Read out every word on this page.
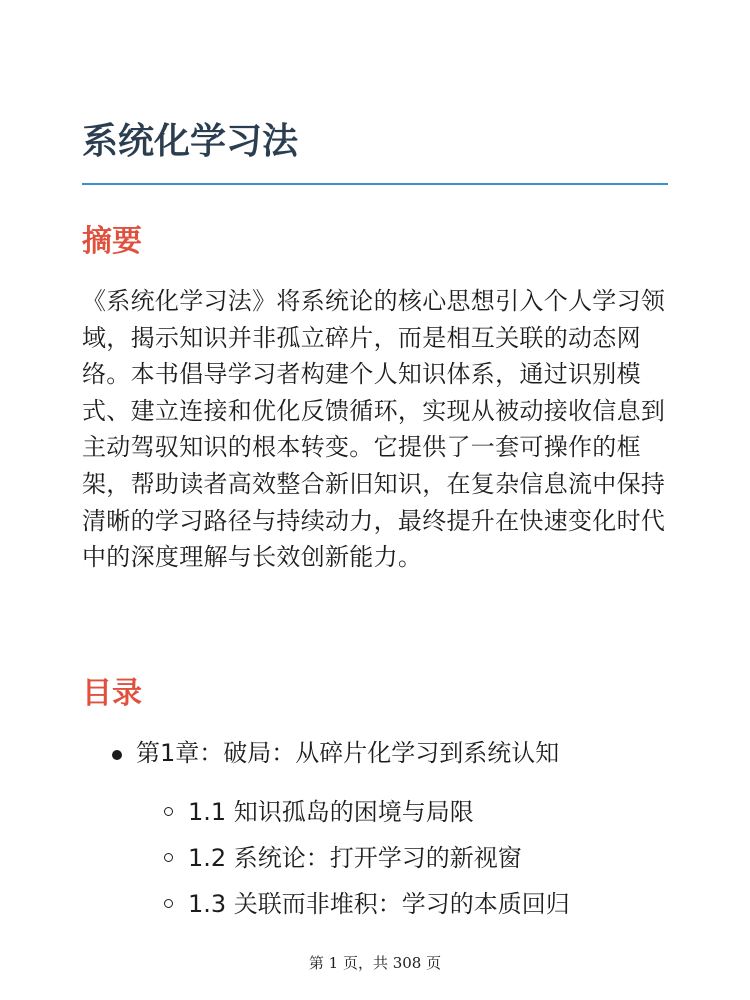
系统化学习法
摘要

《系统化学习法》将系统论的核心思想引入个人学习领域，揭示知识并非孤立碎片，而是相互关联的动态网络。本书倡导学习者构建个人知识体系，通过识别模式、建立连接和优化反馈循环，实现从被动接收信息到主动驾驭知识的根本转变。它提供了一套可操作的框架，帮助读者高效整合新旧知识，在复杂信息流中保持清晰的学习路径与持续动力，最终提升在快速变化时代中的深度理解与长效创新能力。

目录
第1章：破局：从碎片化学习到系统认知
1.1 知识孤岛的困境与局限
1.2 系统论：打开学习的新视窗
1.3 关联而非堆积：学习的本质回归
第 1 页，共 308 页
